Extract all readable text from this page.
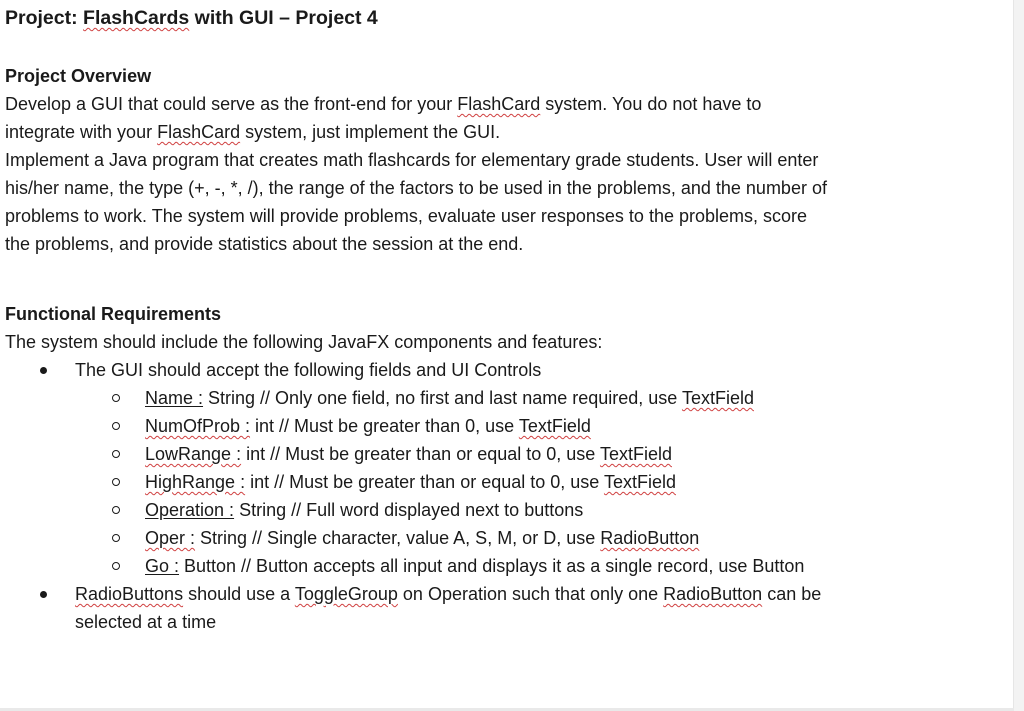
Project: FlashCards with GUI – Project 4

Project Overview

Develop a GUI that could serve as the front-end for your FlashCard system. You do not have to integrate with your FlashCard system, just implement the GUI.

Implement a Java program that creates math flashcards for elementary grade students. User will enter his/her name, the type (+, -, *, /), the range of the factors to be used in the problems, and the number of problems to work. The system will provide problems, evaluate user responses to the problems, score the problems, and provide statistics about the session at the end.

Functional Requirements

The system should include the following JavaFX components and features:

The GUI should accept the following fields and UI Controls
Name : String // Only one field, no first and last name required, use TextField
NumOfProb : int // Must be greater than 0, use TextField
LowRange : int // Must be greater than or equal to 0, use TextField
HighRange : int // Must be greater than or equal to 0, use TextField
Operation : String // Full word displayed next to buttons
Oper : String // Single character, value A, S, M, or D, use RadioButton
Go : Button // Button accepts all input and displays it as a single record, use Button
RadioButtons should use a ToggleGroup on Operation such that only one RadioButton can be selected at a time
